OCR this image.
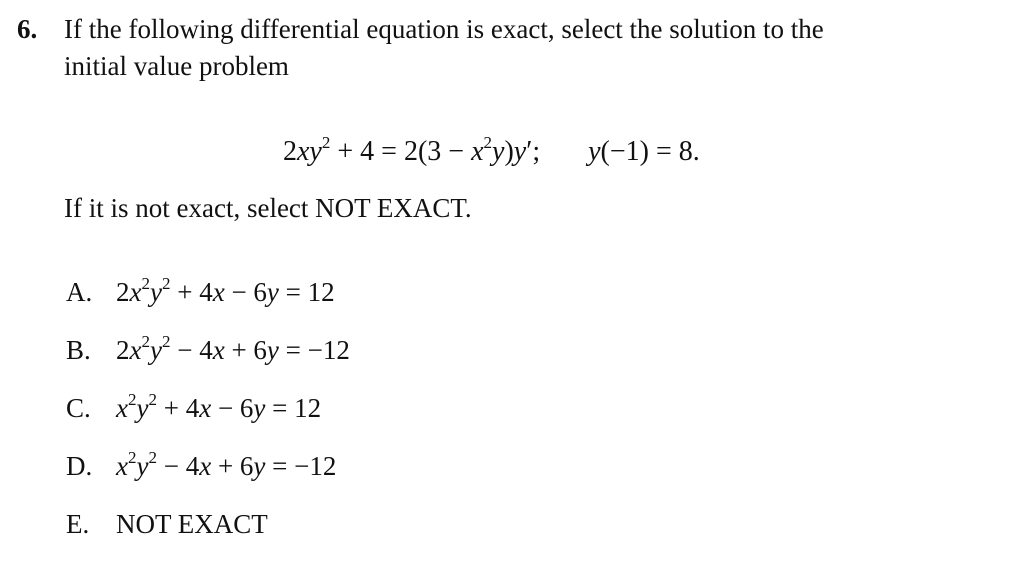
6. If the following differential equation is exact, select the solution to the
initial value problem
$2xy^2 + 4 = 2(3 - x^2y)y'$; y(−1) = 8.
If it is not exact, select NOT EXACT.
A. $2x^2y^2 + 4x - 6y = 12$
B. $2x^2y^2 - 4x + 6y = -12$
C. $x^2y^2 + 4x - 6y = 12$
D. $x^2y^2 - 4x + 6y = -12$
E. NOT EXACT
